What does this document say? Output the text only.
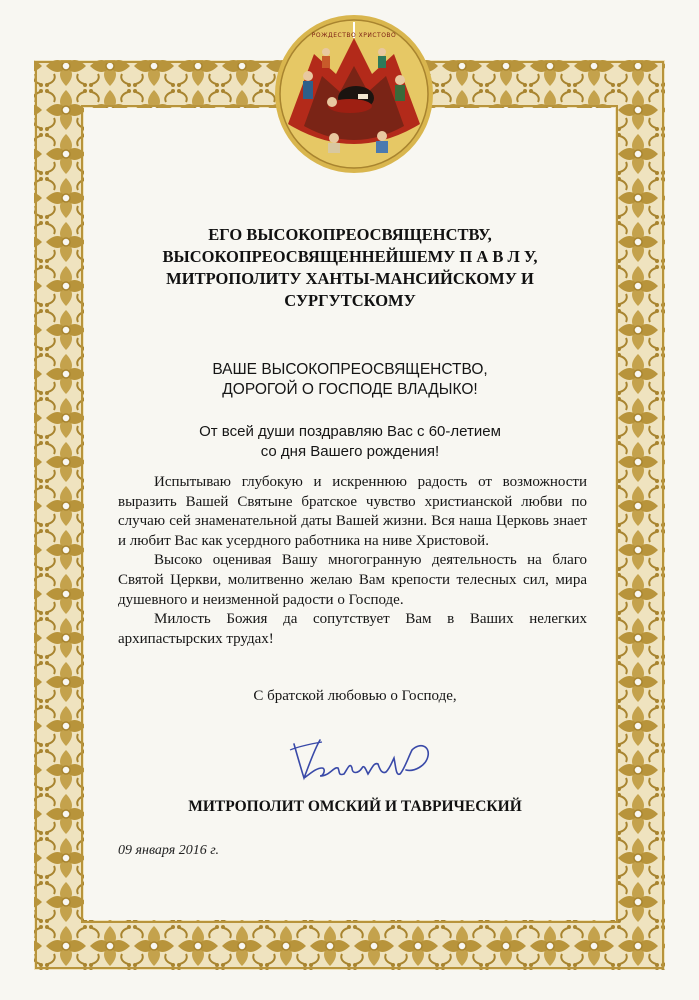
РОЖДЕСТВО ХРИСТОВО
ЕГО ВЫСОКОПРЕОСВЯЩЕНСТВУ,
ВЫСОКОПРЕОСВЯЩЕННЕЙШЕМУ П А В Л У,
МИТРОПОЛИТУ ХАНТЫ-МАНСИЙСКОМУ И
СУРГУТСКОМУ
ВАШЕ ВЫСОКОПРЕОСВЯЩЕНСТВО,
ДОРОГОЙ О ГОСПОДЕ ВЛАДЫКО!
От всей души поздравляю Вас с 60-летием
со дня Вашего рождения!

Испытываю глубокую и искреннюю радость от возможности выразить Вашей Святыне братское чувство христианской любви по случаю сей знаменательной даты Вашей жизни. Вся наша Церковь знает и любит Вас как усердного работника на ниве Христовой.

Высоко оценивая Вашу многогранную деятельность на благо Святой Церкви, молитвенно желаю Вам крепости телесных сил, мира душевного и неизменной радости о Господе.

Милость Божия да сопутствует Вам в Ваших нелегких архипастырских трудах!

С братской любовью о Господе,
МИТРОПОЛИТ ОМСКИЙ И ТАВРИЧЕСКИЙ
09 января 2016 г.
